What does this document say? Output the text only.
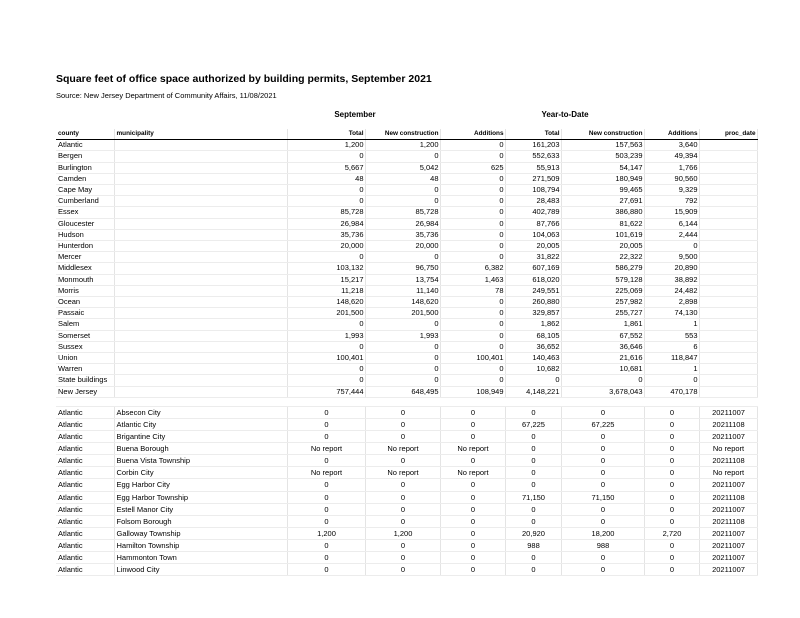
Square feet of office space authorized by building permits, September 2021
Source: New Jersey Department of Community Affairs, 11/08/2021
September	Year-to-Date
county	municipality	Total	New construction	Additions	Total	New construction	Additions	proc_date
Atlantic		1,200	1,200	0	161,203	157,563	3,640	
Bergen		0	0	0	552,633	503,239	49,394	
Burlington		5,667	5,042	625	55,913	54,147	1,766	
Camden		48	48	0	271,509	180,949	90,560	
Cape May		0	0	0	108,794	99,465	9,329	
Cumberland		0	0	0	28,483	27,691	792	
Essex		85,728	85,728	0	402,789	386,880	15,909	
Gloucester		26,984	26,984	0	87,766	81,622	6,144	
Hudson		35,736	35,736	0	104,063	101,619	2,444	
Hunterdon		20,000	20,000	0	20,005	20,005	0	
Mercer		0	0	0	31,822	22,322	9,500	
Middlesex		103,132	96,750	6,382	607,169	586,279	20,890	
Monmouth		15,217	13,754	1,463	618,020	579,128	38,892	
Morris		11,218	11,140	78	249,551	225,069	24,482	
Ocean		148,620	148,620	0	260,880	257,982	2,898	
Passaic		201,500	201,500	0	329,857	255,727	74,130	
Salem		0	0	0	1,862	1,861	1	
Somerset		1,993	1,993	0	68,105	67,552	553	
Sussex		0	0	0	36,652	36,646	6	
Union		100,401	0	100,401	140,463	21,616	118,847	
Warren		0	0	0	10,682	10,681	1	
State buildings		0	0	0	0	0	0	
New Jersey		757,444	648,495	108,949	4,148,221	3,678,043	470,178	

Atlantic	Absecon City	0	0	0	0	0	0	20211007
Atlantic	Atlantic City	0	0	0	67,225	67,225	0	20211108
Atlantic	Brigantine City	0	0	0	0	0	0	20211007
Atlantic	Buena Borough	No report	No report	No report	0	0	0	No report
Atlantic	Buena Vista Township	0	0	0	0	0	0	20211108
Atlantic	Corbin City	No report	No report	No report	0	0	0	No report
Atlantic	Egg Harbor City	0	0	0	0	0	0	20211007
Atlantic	Egg Harbor Township	0	0	0	71,150	71,150	0	20211108
Atlantic	Estell Manor City	0	0	0	0	0	0	20211007
Atlantic	Folsom Borough	0	0	0	0	0	0	20211108
Atlantic	Galloway Township	1,200	1,200	0	20,920	18,200	2,720	20211007
Atlantic	Hamilton Township	0	0	0	988	988	0	20211007
Atlantic	Hammonton Town	0	0	0	0	0	0	20211007
Atlantic	Linwood City	0	0	0	0	0	0	20211007
